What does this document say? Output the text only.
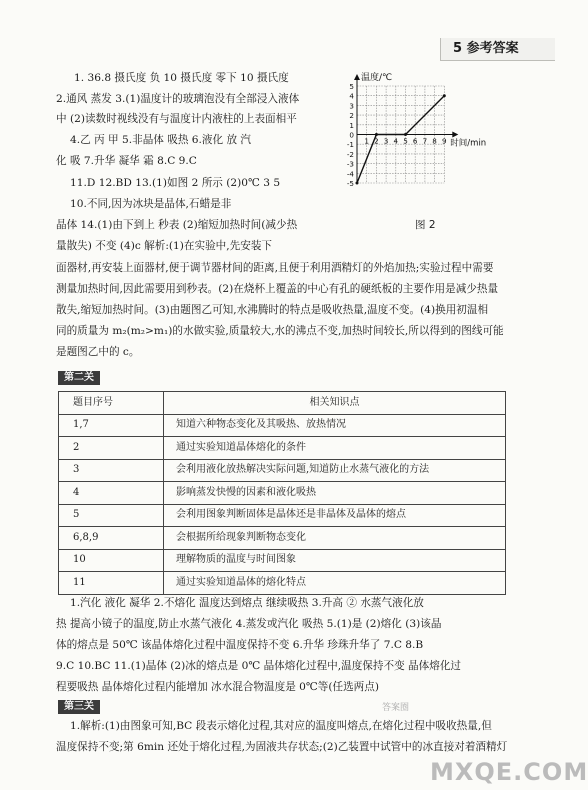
5 参考答案
1. 36.8 摄氏度 负 10 摄氏度 零下 10 摄氏度
2.通风 蒸发 3.(1)温度计的玻璃泡没有全部浸入液体
中 (2)读数时视线没有与温度计内液柱的上表面相平
4.乙 丙 甲 5.非晶体 吸热 6.液化 放 汽
化 吸 7.升华 凝华 霜 8.C 9.C
11.D 12.BD 13.(1)如图 2 所示 (2)0℃ 3 5
10.不同,因为冰块是晶体,石蜡是非
晶体 14.(1)由下到上 秒表 (2)缩短加热时间(减少热
量散失) 不变 (4)c 解析:(1)在实验中,先安装下
面器材,再安装上面器材,便于调节器材间的距离,且便于利用酒精灯的外焰加热;实验过程中需要
测量加热时间,因此需要用到秒表。(2)在烧杯上覆盖的中心有孔的硬纸板的主要作用是减少热量
散失,缩短加热时间。(3)由题图乙可知,水沸腾时的特点是吸收热量,温度不变。(4)换用初温相
同的质量为 m₂(m₂>m₁)的水做实验,质量较大,水的沸点不变,加热时间较长,所以得到的图线可能
是题图乙中的 c。
5
4
3
2
1
0
-1
-2
-3
-4
-5
1 2 3 4 5 6 7 8 9
温度/℃
时间/min
图 2
第二关
题目序号	相关知识点
1,7	知道六种物态变化及其吸热、放热情况
2	通过实验知道晶体熔化的条件
3	会利用液化放热解决实际问题,知道防止水蒸气液化的方法
4	影响蒸发快慢的因素和液化吸热
5	会利用图象判断固体是晶体还是非晶体及晶体的熔点
6,8,9	会根据所给现象判断物态变化
10	理解物质的温度与时间图象
11	通过实验知道晶体的熔化特点
1.汽化 液化 凝华 2.不熔化 温度达到熔点 继续吸热 3.升高 ② 水蒸气液化放
热 提高小镜子的温度,防止水蒸气液化 4.蒸发或汽化 吸热 5.(1)是 (2)熔化 (3)该晶
体的熔点是 50℃ 该晶体熔化过程中温度保持不变 6.升华 珍珠升华了 7.C 8.B
9.C 10.BC 11.(1)晶体 (2)冰的熔点是 0℃ 晶体熔化过程中,温度保持不变 晶体熔化过
程要吸热 晶体熔化过程内能增加 冰水混合物温度是 0℃等(任选两点)
第三关
1.解析:(1)由图象可知,BC 段表示熔化过程,其对应的温度叫熔点,在熔化过程中吸收热量,但
温度保持不变;第 6min 还处于熔化过程,为固液共存状态;(2)乙装置中试管中的冰直接对着酒精灯
答案圈
MXQE.COM
